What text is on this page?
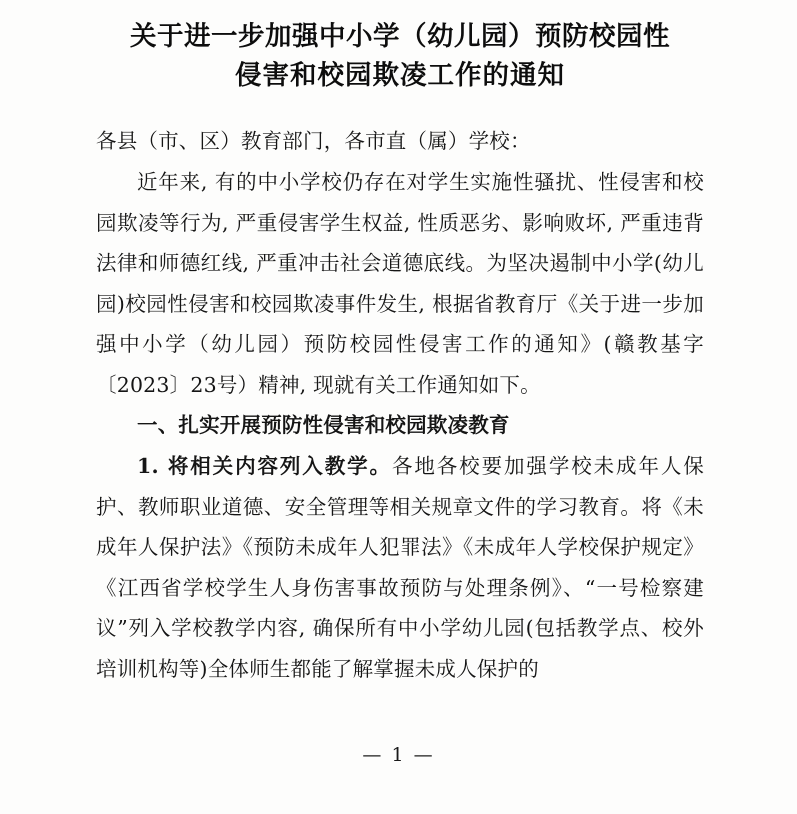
关于进一步加强中小学（幼儿园）预防校园性
侵害和校园欺凌工作的通知

各县（市、区）教育部门，各市直（属）学校：

近年来, 有的中小学校仍存在对学生实施性骚扰、性侵害和校园欺凌等行为, 严重侵害学生权益, 性质恶劣、影响败坏, 严重违背法律和师德红线, 严重冲击社会道德底线。为坚决遏制中小学(幼儿园)校园性侵害和校园欺凌事件发生, 根据省教育厅《关于进一步加强中小学（幼儿园）预防校园性侵害工作的通知》(赣教基字〔2023〕23号）精神, 现就有关工作通知如下。

一、扎实开展预防性侵害和校园欺凌教育

1. 将相关内容列入教学。各地各校要加强学校未成年人保护、教师职业道德、安全管理等相关规章文件的学习教育。将《未成年人保护法》《预防未成年人犯罪法》《未成年人学校保护规定》《江西省学校学生人身伤害事故预防与处理条例》、“一号检察建议”列入学校教学内容, 确保所有中小学幼儿园(包括教学点、校外培训机构等)全体师生都能了解掌握未成人保护的

— 1 —
